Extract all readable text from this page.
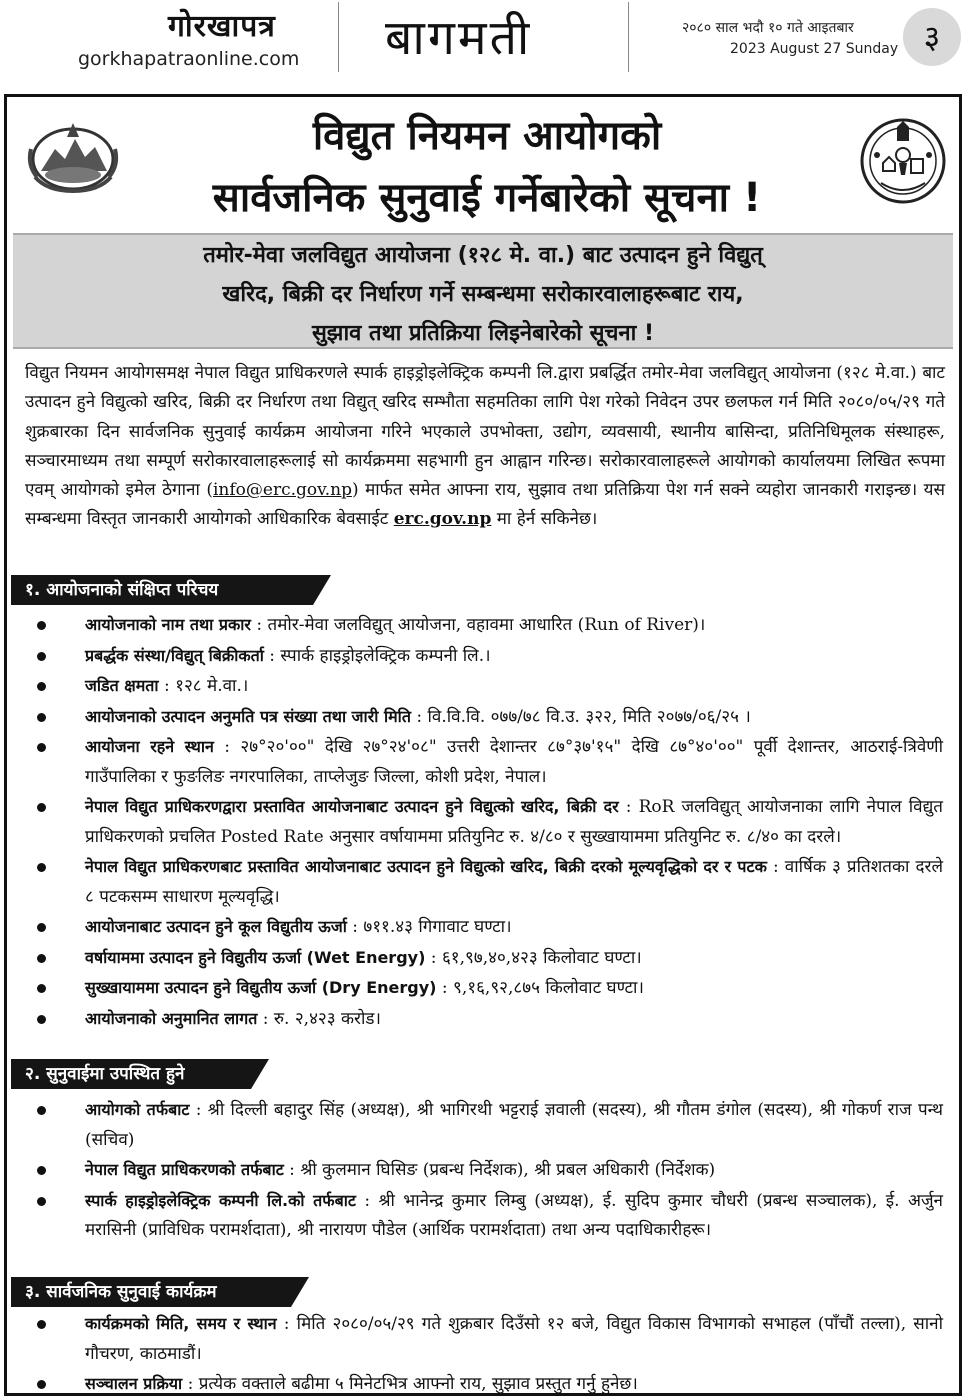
गोरखापत्र
gorkhapatraonline.com बागमती	२०८० साल भदौ १० गते आइतबार
2023 August 27 Sunday ३
विद्युत नियमन आयोगको
सार्वजनिक सुनुवाई गर्नेबारेको सूचना !

तमोर-मेवा जलविद्युत आयोजना (१२८ मे. वा.) बाट उत्पादन हुने विद्युत्

खरिद, बिक्री दर निर्धारण गर्ने सम्बन्धमा सरोकारवालाहरूबाट राय,

सुझाव तथा प्रतिक्रिया लिइनेबारेको सूचना !

विद्युत नियमन आयोगसमक्ष नेपाल विद्युत प्राधिकरणले स्पार्क हाइड्रोइलेक्ट्रिक कम्पनी लि.द्वारा प्रबर्द्धित तमोर-मेवा जलविद्युत् आयोजना (१२८ मे.वा.) बाट उत्पादन हुने विद्युत्को खरिद, बिक्री दर निर्धारण तथा विद्युत् खरिद सम्भौता सहमतिका लागि पेश गरेको निवेदन उपर छलफल गर्न मिति २०८०/०५/२९ गते शुक्रबारका दिन सार्वजनिक सुनुवाई कार्यक्रम आयोजना गरिने भएकाले उपभोक्ता, उद्योग, व्यवसायी, स्थानीय बासिन्दा, प्रतिनिधिमूलक संस्थाहरू, सञ्चारमाध्यम तथा सम्पूर्ण सरोकारवालाहरूलाई सो कार्यक्रममा सहभागी हुन आह्वान गरिन्छ। सरोकारवालाहरूले आयोगको कार्यालयमा लिखित रूपमा एवम् आयोगको इमेल ठेगाना (info@erc.gov.np) मार्फत समेत आफ्ना राय, सुझाव तथा प्रतिक्रिया पेश गर्न सक्ने व्यहोरा जानकारी गराइन्छ। यस सम्बन्धमा विस्तृत जानकारी आयोगको आधिकारिक बेवसाईट erc.gov.np मा हेर्न सकिनेछ।

१. आयोजनाको संक्षिप्त परिचय
आयोजनाको नाम तथा प्रकार : तमोर-मेवा जलविद्युत् आयोजना, वहावमा आधारित (Run of River)।
प्रबर्द्धक संस्था/विद्युत् बिक्रीकर्ता : स्पार्क हाइड्रोइलेक्ट्रिक कम्पनी लि.।
जडित क्षमता : १२८ मे.वा.।
आयोजनाको उत्पादन अनुमति पत्र संख्या तथा जारी मिति : वि.वि.वि. ०७७/७८ वि.उ. ३२२, मिति २०७७/०६/२५ ।
आयोजना रहने स्थान : २७°२०'००" देखि २७°२४'०८" उत्तरी देशान्तर ८७°३७'१५" देखि ८७°४०'००" पूर्वी देशान्तर, आठराई-त्रिवेणी गाउँपालिका र फुङलिङ नगरपालिका, ताप्लेजुङ जिल्ला, कोशी प्रदेश, नेपाल।
नेपाल विद्युत प्राधिकरणद्वारा प्रस्तावित आयोजनाबाट उत्पादन हुने विद्युत्को खरिद, बिक्री दर : RoR जलविद्युत् आयोजनाका लागि नेपाल विद्युत प्राधिकरणको प्रचलित Posted Rate अनुसार वर्षायाममा प्रतियुनिट रु. ४/८० र सुख्खायाममा प्रतियुनिट रु. ८/४० का दरले।
नेपाल विद्युत प्राधिकरणबाट प्रस्तावित आयोजनाबाट उत्पादन हुने विद्युत्को खरिद, बिक्री दरको मूल्यवृद्धिको दर र पटक : वार्षिक ३ प्रतिशतका दरले ८ पटकसम्म साधारण मूल्यवृद्धि।
आयोजनाबाट उत्पादन हुने कूल विद्युतीय ऊर्जा : ७११.४३ गिगावाट घण्टा।
वर्षायाममा उत्पादन हुने विद्युतीय ऊर्जा (Wet Energy) : ६१,९७,४०,४२३ किलोवाट घण्टा।
सुख्खायाममा उत्पादन हुने विद्युतीय ऊर्जा (Dry Energy) : ९,१६,९२,८७५ किलोवाट घण्टा।
आयोजनाको अनुमानित लागत : रु. २,४२३ करोड।
२. सुनुवाईमा उपस्थित हुने
आयोगको तर्फबाट : श्री दिल्ली बहादुर सिंह (अध्यक्ष), श्री भागिरथी भट्टराई ज्ञवाली (सदस्य), श्री गौतम डंगोल (सदस्य), श्री गोकर्ण राज पन्थ (सचिव)
नेपाल विद्युत प्राधिकरणको तर्फबाट : श्री कुलमान घिसिङ (प्रबन्ध निर्देशक), श्री प्रबल अधिकारी (निर्देशक)
स्पार्क हाइड्रोइलेक्ट्रिक कम्पनी लि.को तर्फबाट : श्री भानेन्द्र कुमार लिम्बु (अध्यक्ष), ई. सुदिप कुमार चौधरी (प्रबन्ध सञ्चालक), ई. अर्जुन मरासिनी (प्राविधिक परामर्शदाता), श्री नारायण पौडेल (आर्थिक परामर्शदाता) तथा अन्य पदाधिकारीहरू।
३. सार्वजनिक सुनुवाई कार्यक्रम
कार्यक्रमको मिति, समय र स्थान : मिति २०८०/०५/२९ गते शुक्रबार दिउँसो १२ बजे, विद्युत विकास विभागको सभाहल (पाँचौं तल्ला), सानो गौचरण, काठमाडौं।
सञ्चालन प्रक्रिया : प्रत्येक वक्ताले बढीमा ५ मिनेटभित्र आफ्नो राय, सुझाव प्रस्तुत गर्नु हुनेछ।
